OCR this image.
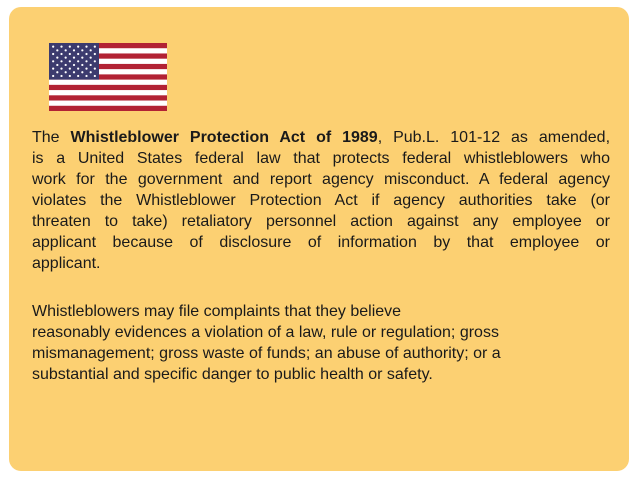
The Whistleblower Protection Act of 1989, Pub.L. 101-12 as amended,
is a United States federal law that protects federal whistleblowers who
work for the government and report agency misconduct. A federal agency
violates the Whistleblower Protection Act if agency authorities take (or
threaten to take) retaliatory personnel action against any employee or
applicant because of disclosure of information by that employee or
applicant.
Whistleblowers may file complaints that they believe
reasonably evidences a violation of a law, rule or regulation; gross
mismanagement; gross waste of funds; an abuse of authority; or a
substantial and specific danger to public health or safety.
